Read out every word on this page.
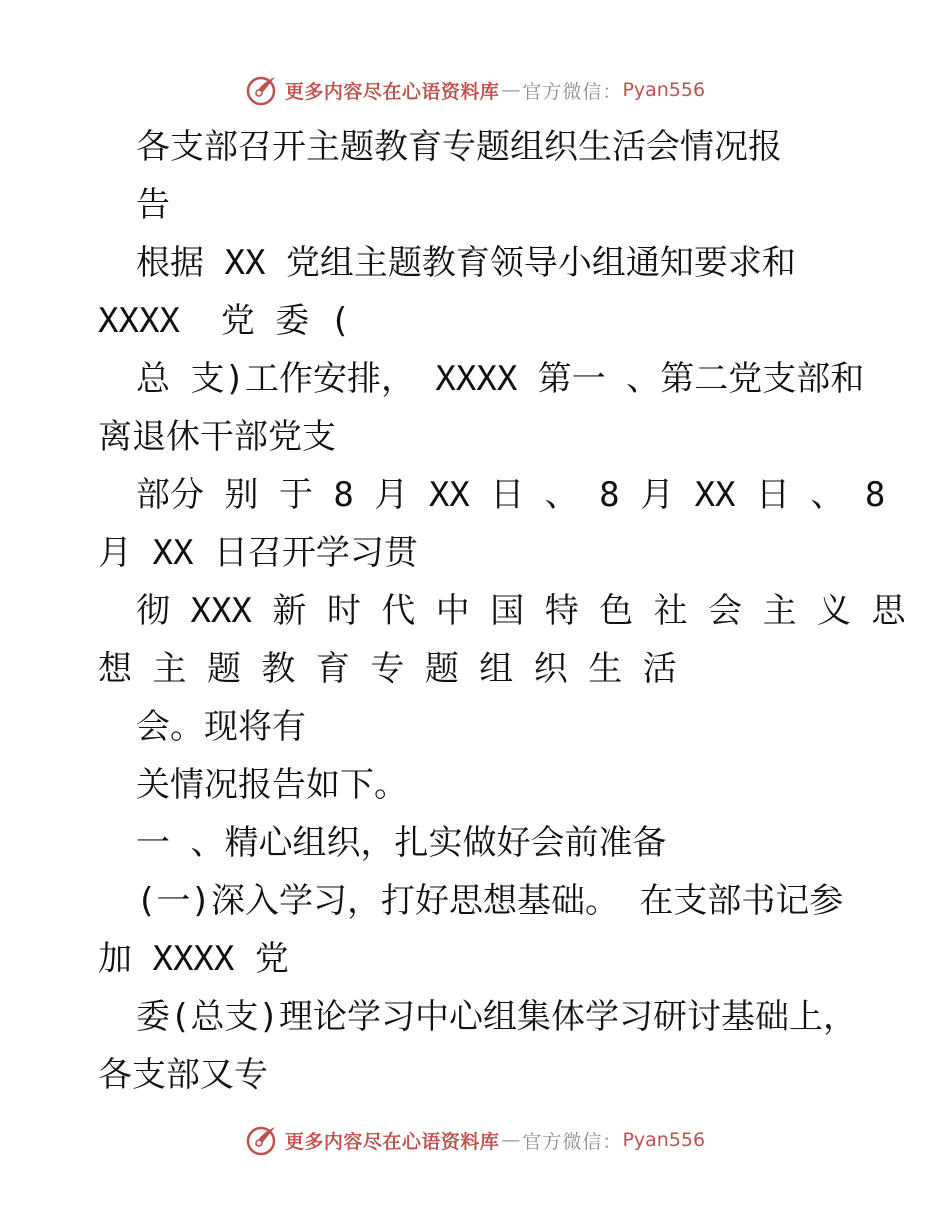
更多内容尽在心语资料库 — 官方微信： Pyan556
各支部召开主题教育专题组织生活会情况报
告
根据 XX 党组主题教育领导小组通知要求和
XXXX  党 委 (
总 支)工作安排， XXXX 第一 、第二党支部和
离退休干部党支
部分 别 于 8 月 XX 日 、 8 月 XX 日 、 8
月 XX 日召开学习贯
彻 XXX 新 时 代 中 国 特 色 社 会 主 义 思
想 主 题 教 育 专 题 组 织 生 活
会。现将有
关情况报告如下。
一 、精心组织，扎实做好会前准备
(一)深入学习，打好思想基础。 在支部书记参
加 XXXX 党
委(总支)理论学习中心组集体学习研讨基础上，
各支部又专
更多内容尽在心语资料库 — 官方微信： Pyan556
